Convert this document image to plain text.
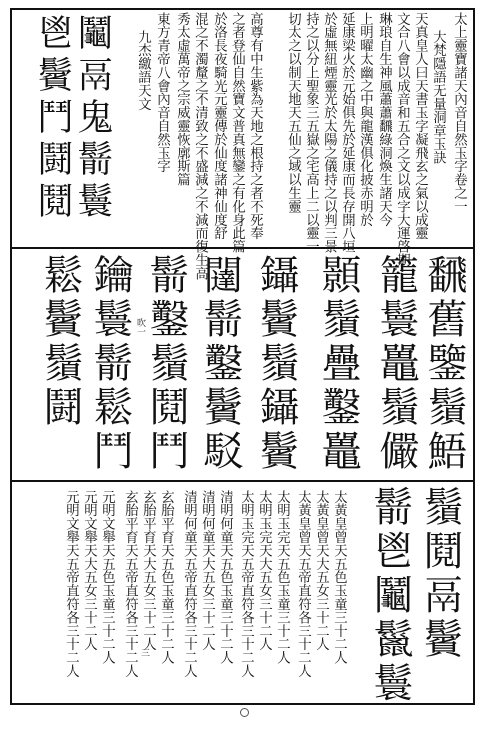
鬯鬢鬥鬪鬩 鬮鬲鬼鬋鬟	太上靈寶諸天內音自然玉字卷之一
大梵隱語无量洞章玉訣
天真皇人曰天書玉字凝飛玄之氣以成靈
文合八會以成音和五合之文以成字大運啓期
琳琅自生神風蕭蕭飜綠洞煥生諸天今
上明曜太幽之中與龍漢俱化披赤明於
延康梁火於元始俱先於延康而長存開八垣
於虛無紐煙靈光於太陽之儀持之以判三景
持之以分上聖象三五嶽之宅高上二以靈一
切太之以制天地天五仙之域以生靈
高尊有中生紫為天地之根持之者不死奉
之者登仙自然寶文普真無鑾之有化身此篇
於洛長夜騎光元靈傳於仙度諸神仙度舒
混之不濁釐之不清致之不盛減之不減而復生高
秀太虛萬帝之宗威靈恢廓斯篇
東方青帝八會內音自然玉字
九杰繳語天文
飜舊鑒鬚鯃
籠鬟鼉鬚儼
顥鬚疊鑿鼉
鑷鬢鬚鑷鬢
闥鬋鑿鬢駁
鬋鑿鬚鬩鬥
鑰鬟鬋鬆鬥
鬆鬢鬚鬪	吹一
鬚鬩鬲鬢
鬋鬯鬮鬣鬟
太黃皇曾天五色玉童三十二人
太黃皇曾天大五女三十二人
太黃皇曾天五帝直符各三十二人
太明玉完天五色玉童三十二人
太明玉完天大五女三十二人
太明玉完天五帝直符各三十二人
清明何童天五色玉童三十二人
清明何童天大五女三十二人
清明何童天五帝直符各三十二人
玄胎平育天五色玉童三十二人
玄胎平育天大五女三十二人
玄胎平育天五帝直符各三十二人
元明文舉天五色玉童三十二人
元明文舉天大五女三十二人
元明文舉天五帝直符各三十二人	三
